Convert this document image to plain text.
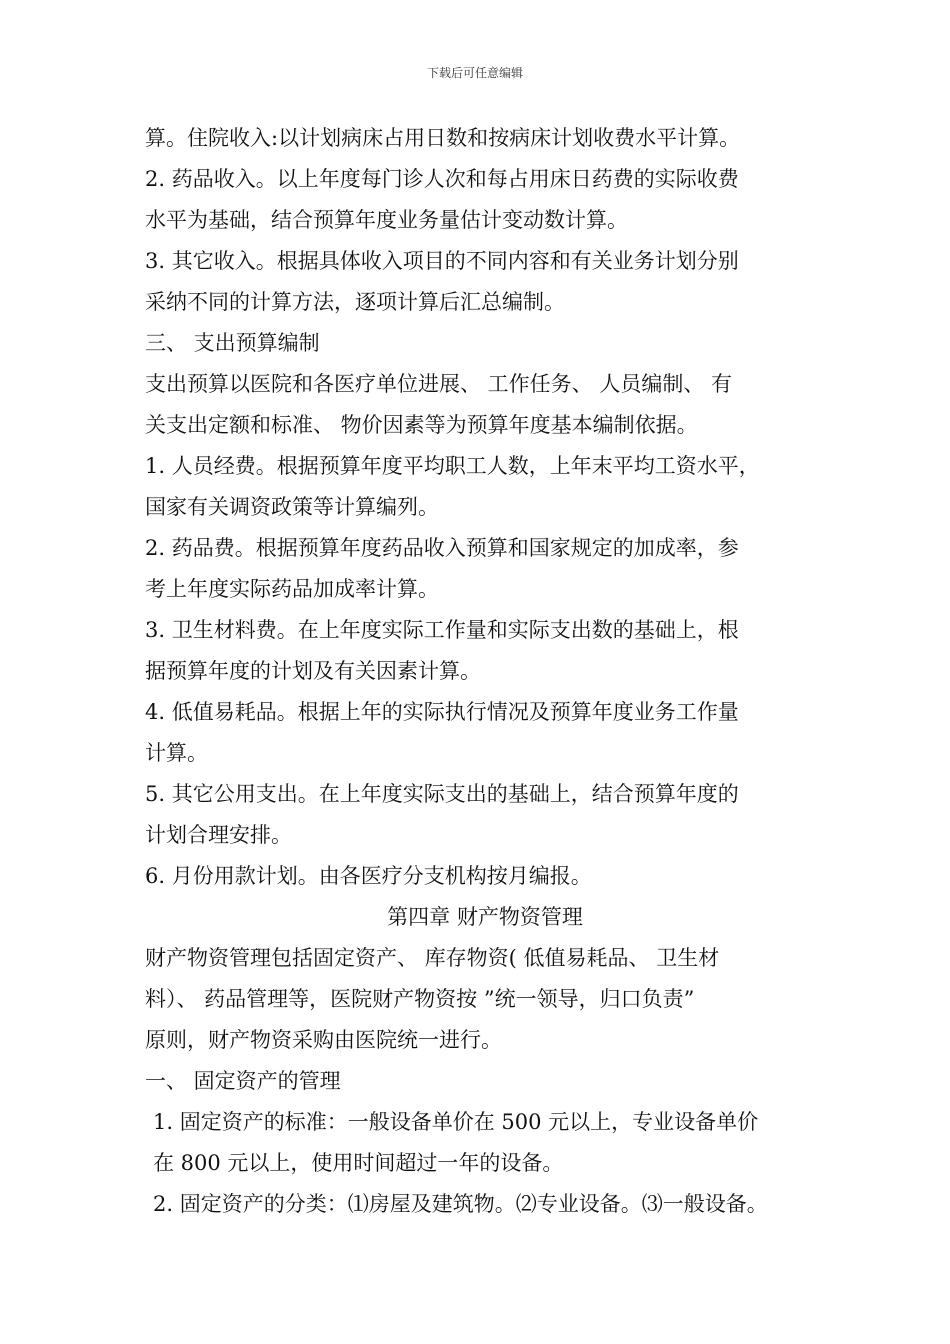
下载后可任意编辑
算。住院收入:以计划病床占用日数和按病床计划收费水平计算。
2. 药品收入。以上年度每门诊人次和每占用床日药费的实际收费
水平为基础，结合预算年度业务量估计变动数计算。
3. 其它收入。根据具体收入项目的不同内容和有关业务计划分别
采纳不同的计算方法，逐项计算后汇总编制。
三、 支出预算编制
支出预算以医院和各医疗单位进展、 工作任务、 人员编制、 有
关支出定额和标准、 物价因素等为预算年度基本编制依据。
1. 人员经费。根据预算年度平均职工人数，上年末平均工资水平，
国家有关调资政策等计算编列。
2. 药品费。根据预算年度药品收入预算和国家规定的加成率，参
考上年度实际药品加成率计算。
3. 卫生材料费。在上年度实际工作量和实际支出数的基础上，根
据预算年度的计划及有关因素计算。
4. 低值易耗品。根据上年的实际执行情况及预算年度业务工作量
计算。
5. 其它公用支出。在上年度实际支出的基础上，结合预算年度的
计划合理安排。
6. 月份用款计划。由各医疗分支机构按月编报。
第四章 财产物资管理
财产物资管理包括固定资产、 库存物资( 低值易耗品、 卫生材
料）、 药品管理等，医院财产物资按 ”统一领导，归口负责”
原则，财产物资采购由医院统一进行。
一、 固定资产的管理
1. 固定资产的标准：一般设备单价在 500 元以上，专业设备单价
在 800 元以上，使用时间超过一年的设备。
2. 固定资产的分类：⑴房屋及建筑物。⑵专业设备。⑶一般设备。
